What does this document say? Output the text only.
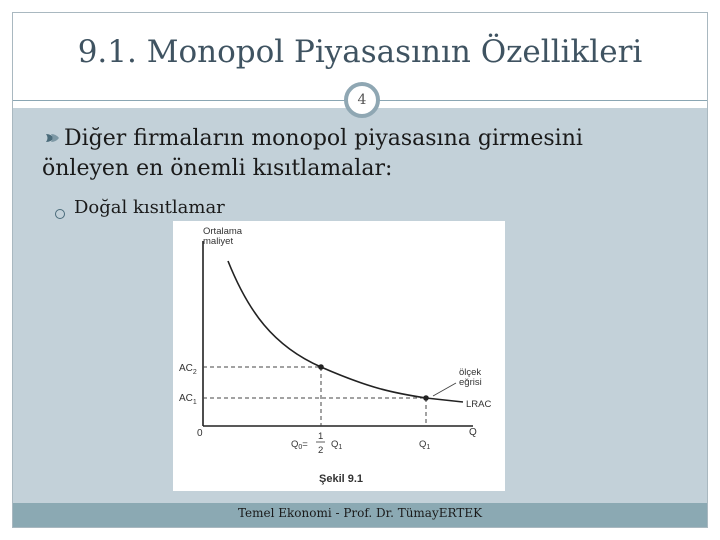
9.1. Monopol Piyasasının Özellikleri
4
Diğer firmaların monopol piyasasına girmesini önleyen en önemli kısıtlamalar:
Doğal kısıtlamar
Ortalama
maliyet
$AC_2$
$AC_1$
0	Q
$Q_0=$
1
2
$Q_1$	$Q_1$
ölçek
eğrisi
LRAC
Şekil 9.1
Temel Ekonomi - Prof. Dr. TümayERTEK
